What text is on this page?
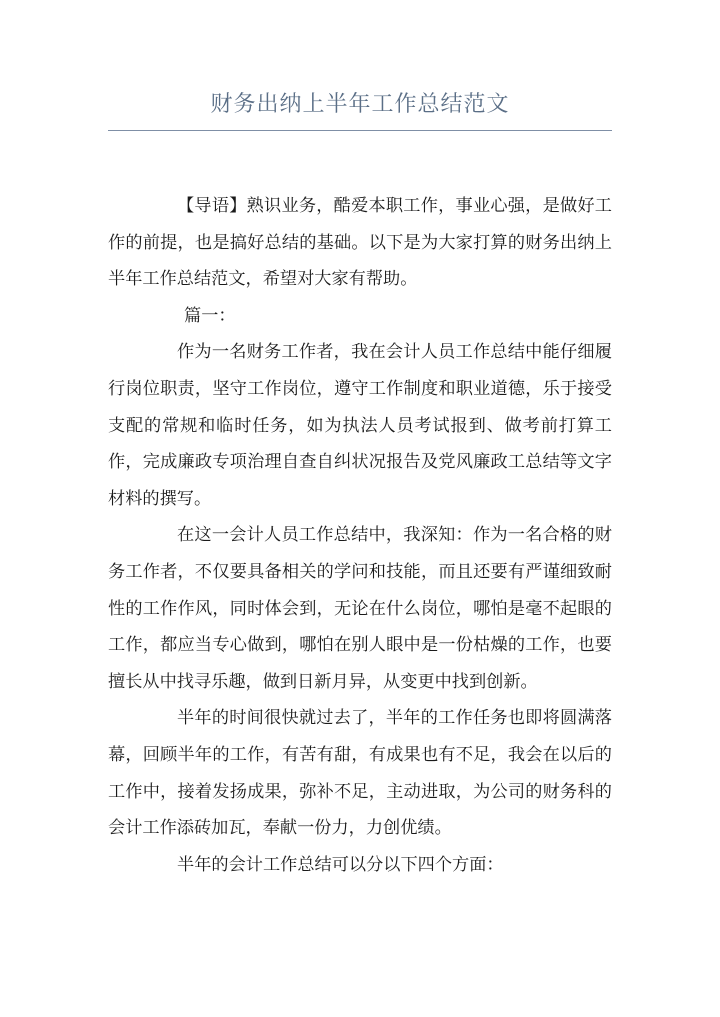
财务出纳上半年工作总结范文

【导语】熟识业务，酷爱本职工作，事业心强，是做好工作的前提，也是搞好总结的基础。以下是为大家打算的财务出纳上半年工作总结范文，希望对大家有帮助。

篇一：

作为一名财务工作者，我在会计人员工作总结中能仔细履行岗位职责，坚守工作岗位，遵守工作制度和职业道德，乐于接受支配的常规和临时任务，如为执法人员考试报到、做考前打算工作，完成廉政专项治理自查自纠状况报告及党风廉政工总结等文字材料的撰写。

在这一会计人员工作总结中，我深知：作为一名合格的财务工作者，不仅要具备相关的学问和技能，而且还要有严谨细致耐性的工作作风，同时体会到，无论在什么岗位，哪怕是毫不起眼的工作，都应当专心做到，哪怕在别人眼中是一份枯燥的工作，也要擅长从中找寻乐趣，做到日新月异，从变更中找到创新。

半年的时间很快就过去了，半年的工作任务也即将圆满落幕，回顾半年的工作，有苦有甜，有成果也有不足，我会在以后的工作中，接着发扬成果，弥补不足，主动进取，为公司的财务科的会计工作添砖加瓦，奉献一份力，力创优绩。

半年的会计工作总结可以分以下四个方面：
